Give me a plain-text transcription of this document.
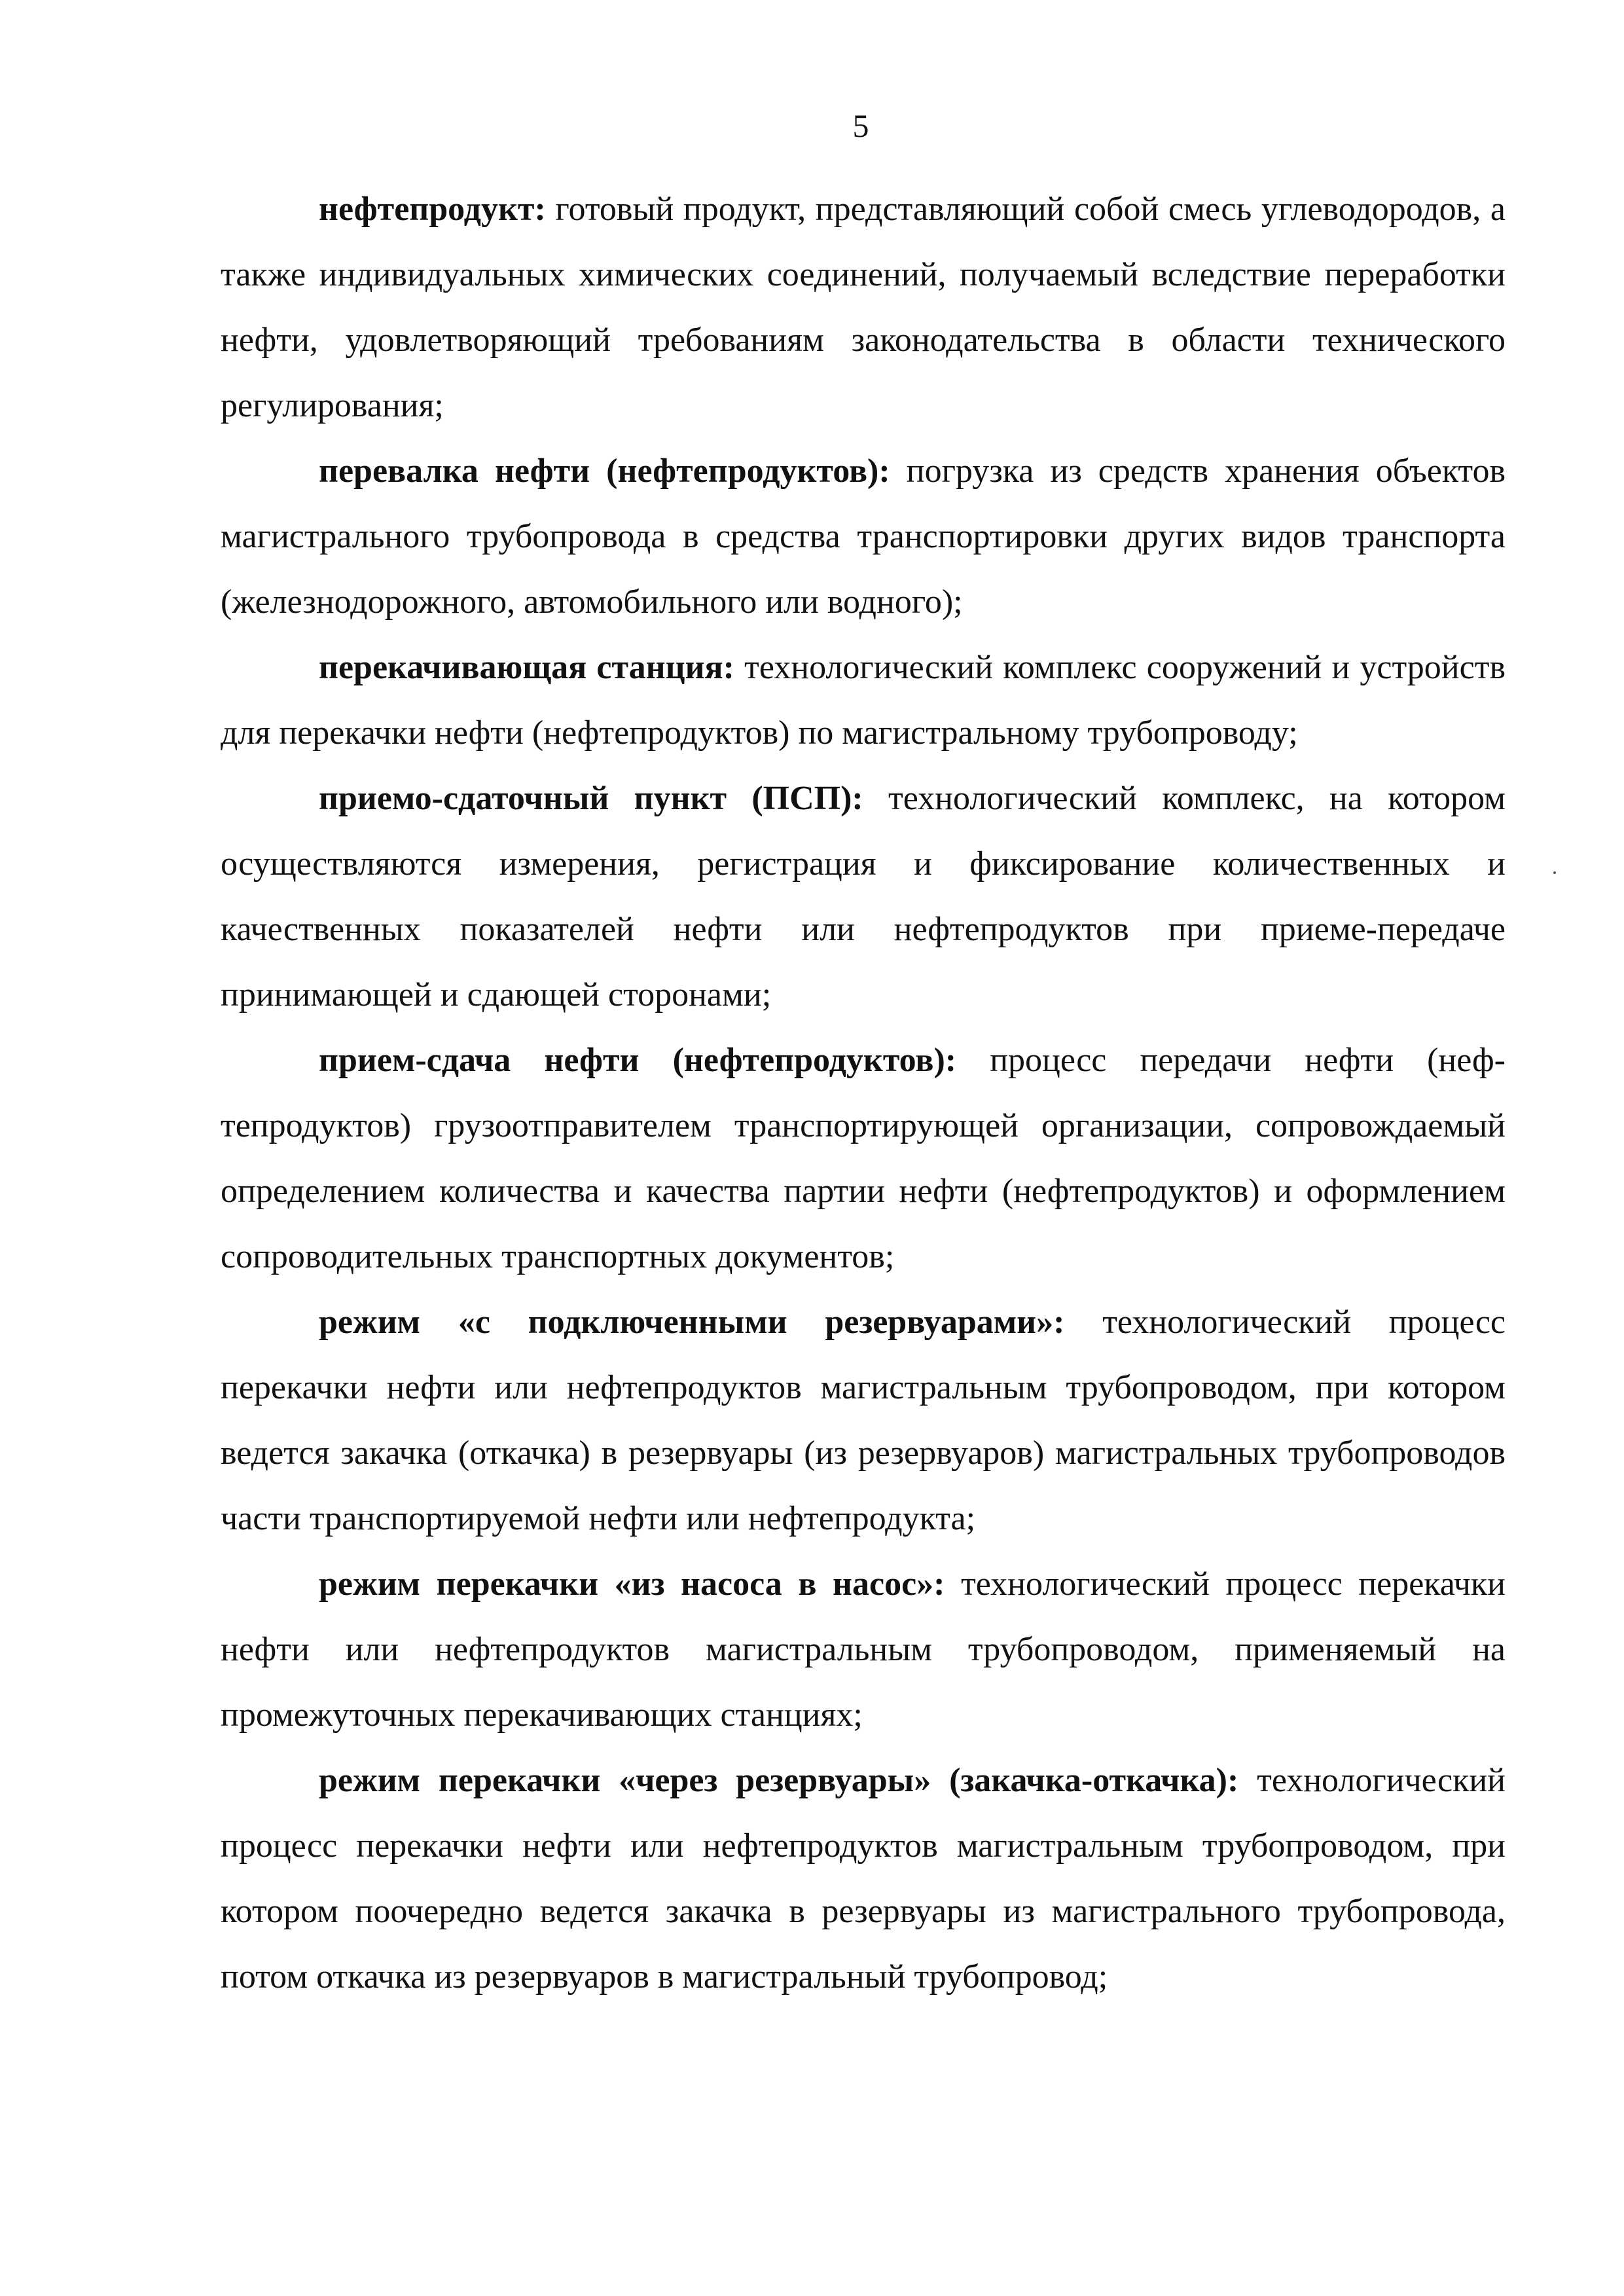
5

нефтепродукт: готовый продукт, представляющий собой смесь углеводородов, а также индивидуальных химических соединений, получаемый вследствие переработки нефти, удовлетворяющий требованиям законодательства в области технического регулирования;

перевалка нефти (нефтепродуктов): погрузка из средств хранения объектов магистрального трубопровода в средства транспортировки других видов транспорта (железнодорожного, автомобильного или водного);

перекачивающая станция: технологический комплекс сооружений и устройств для перекачки нефти (нефтепродуктов) по магистральному трубопроводу;

приемо-сдаточный пункт (ПСП): технологический комплекс, на котором осуществляются измерения, регистрация и фиксирование количественных и качественных показателей нефти или нефтепродуктов при приеме-передаче принимающей и сдающей сторонами;

прием-сдача нефти (нефтепродуктов): процесс передачи нефти (нефтепродуктов) грузоотправителем транспортирующей организации, сопровождаемый определением количества и качества партии нефти (нефтепродуктов) и оформлением сопроводительных транспортных документов;

режим «с подключенными резервуарами»: технологический процесс перекачки нефти или нефтепродуктов магистральным трубопроводом, при котором ведется закачка (откачка) в резервуары (из резервуаров) магистральных трубопроводов части транспортируемой нефти или нефтепродукта;

режим перекачки «из насоса в насос»: технологический процесс перекачки нефти или нефтепродуктов магистральным трубопроводом, применяемый на промежуточных перекачивающих станциях;

режим перекачки «через резервуары» (закачка-откачка): технологический процесс перекачки нефти или нефтепродуктов магистральным трубопроводом, при котором поочередно ведется закачка в резервуары из магистрального трубопровода, потом откачка из резервуаров в магистральный трубопровод;
